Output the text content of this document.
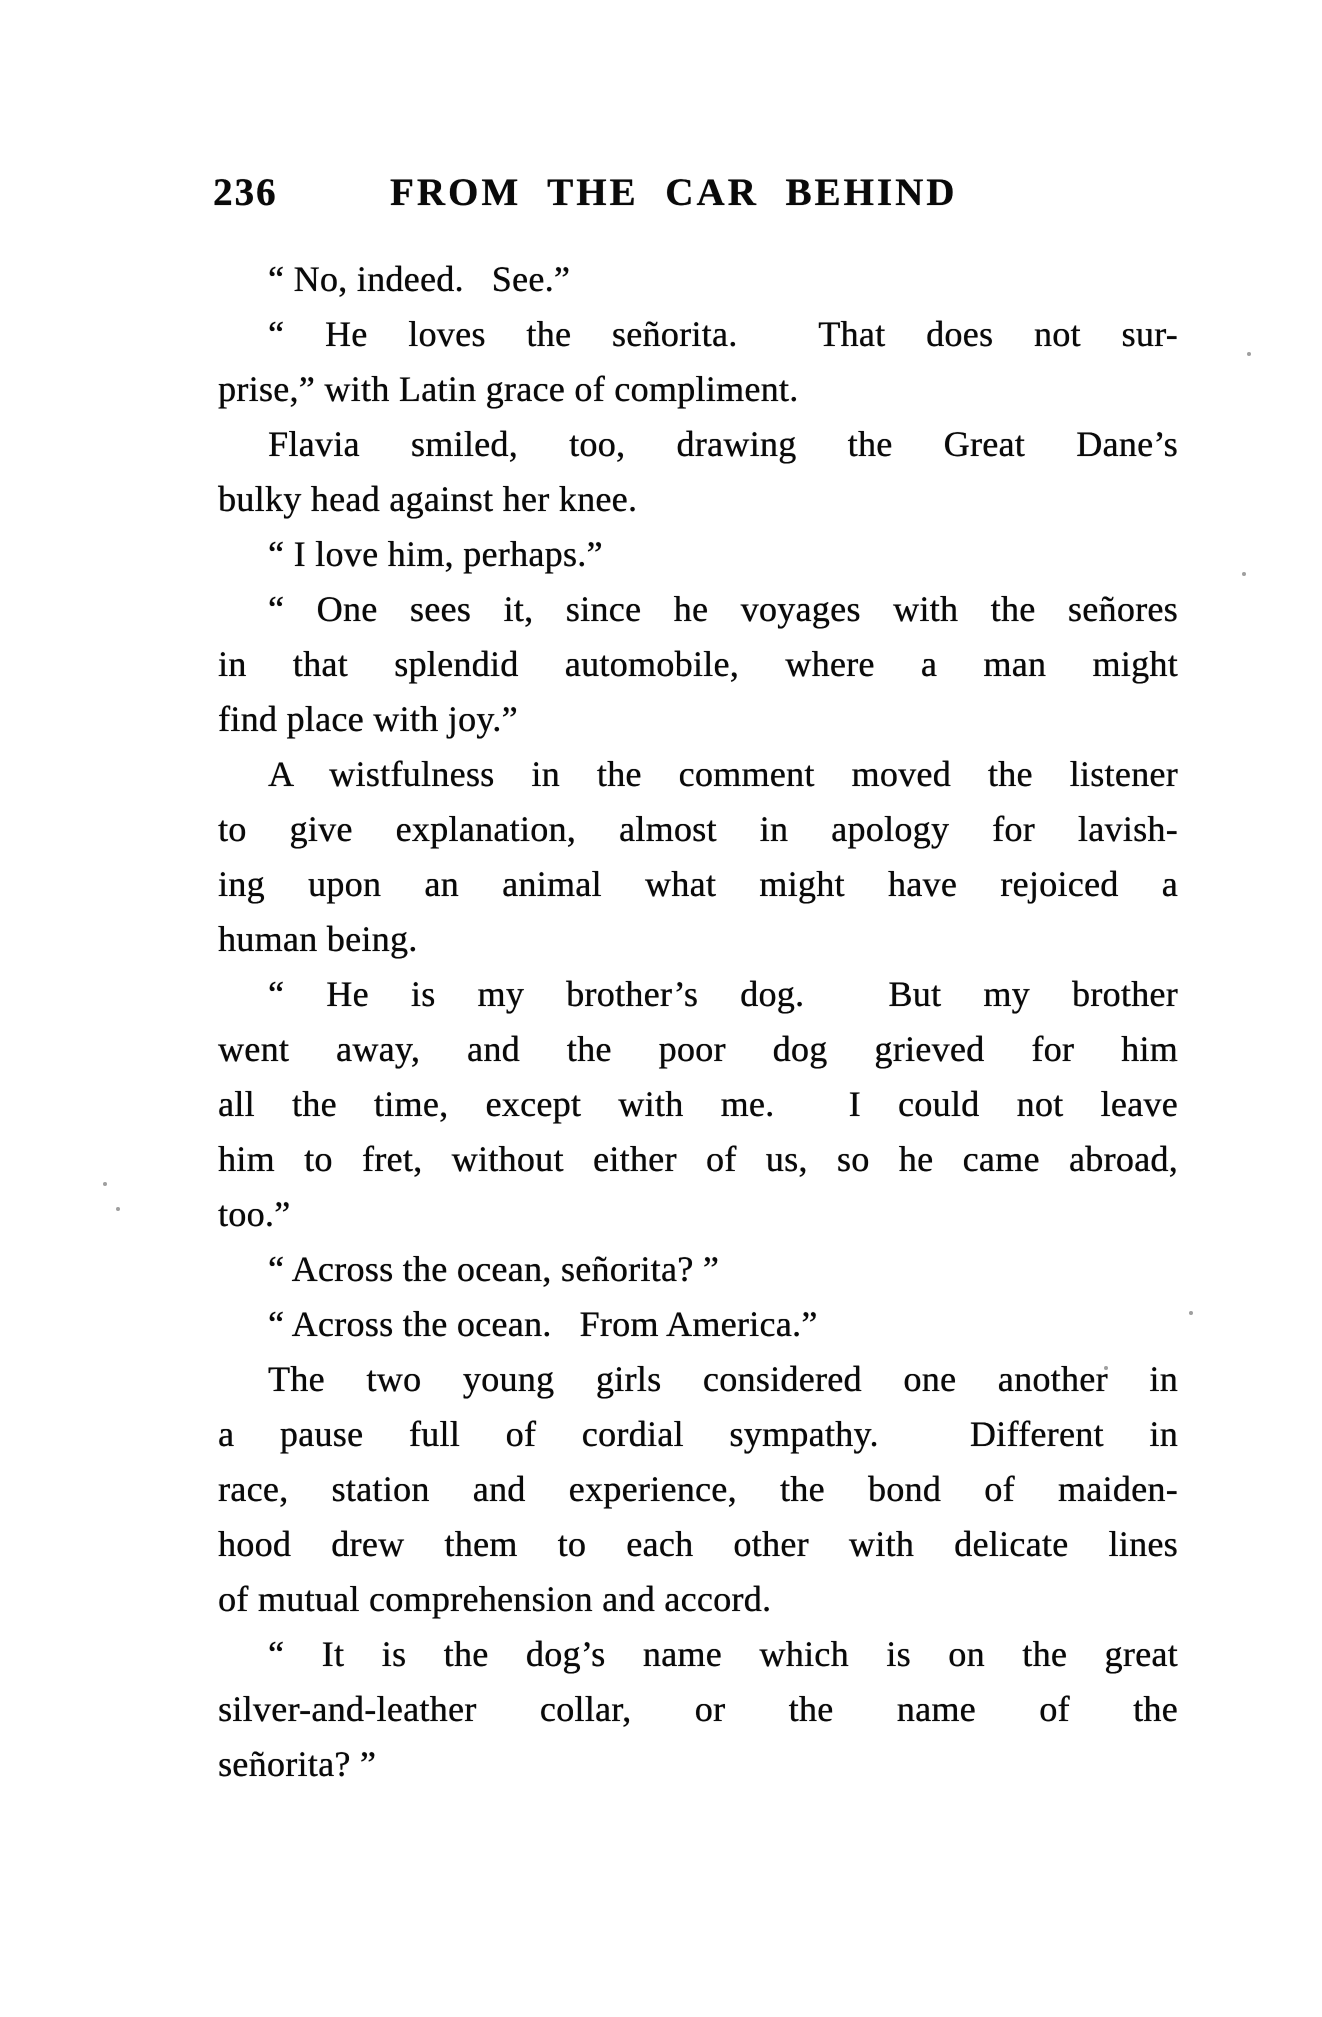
236	FROM THE CAR BEHIND
“ No, indeed.   See.”
“ He loves the señorita.  That does not sur-
prise,” with Latin grace of compliment.
Flavia smiled, too, drawing the Great Dane’s
bulky head against her knee.
“ I love him, perhaps.”
“ One sees it, since he voyages with the señores
in that splendid automobile, where a man might
find place with joy.”
A wistfulness in the comment moved the listener
to give explanation, almost in apology for lavish-
ing upon an animal what might have rejoiced a
human being.
“ He is my brother’s dog.  But my brother
went away, and the poor dog grieved for him
all the time, except with me.  I could not leave
him to fret, without either of us, so he came abroad,
too.”
“ Across the ocean, señorita? ”
“ Across the ocean.   From America.”
The two young girls considered one another in
a pause full of cordial sympathy.  Different in
race, station and experience, the bond of maiden-
hood drew them to each other with delicate lines
of mutual comprehension and accord.
“ It is the dog’s name which is on the great
silver-and-leather collar, or the name of the
señorita? ”
